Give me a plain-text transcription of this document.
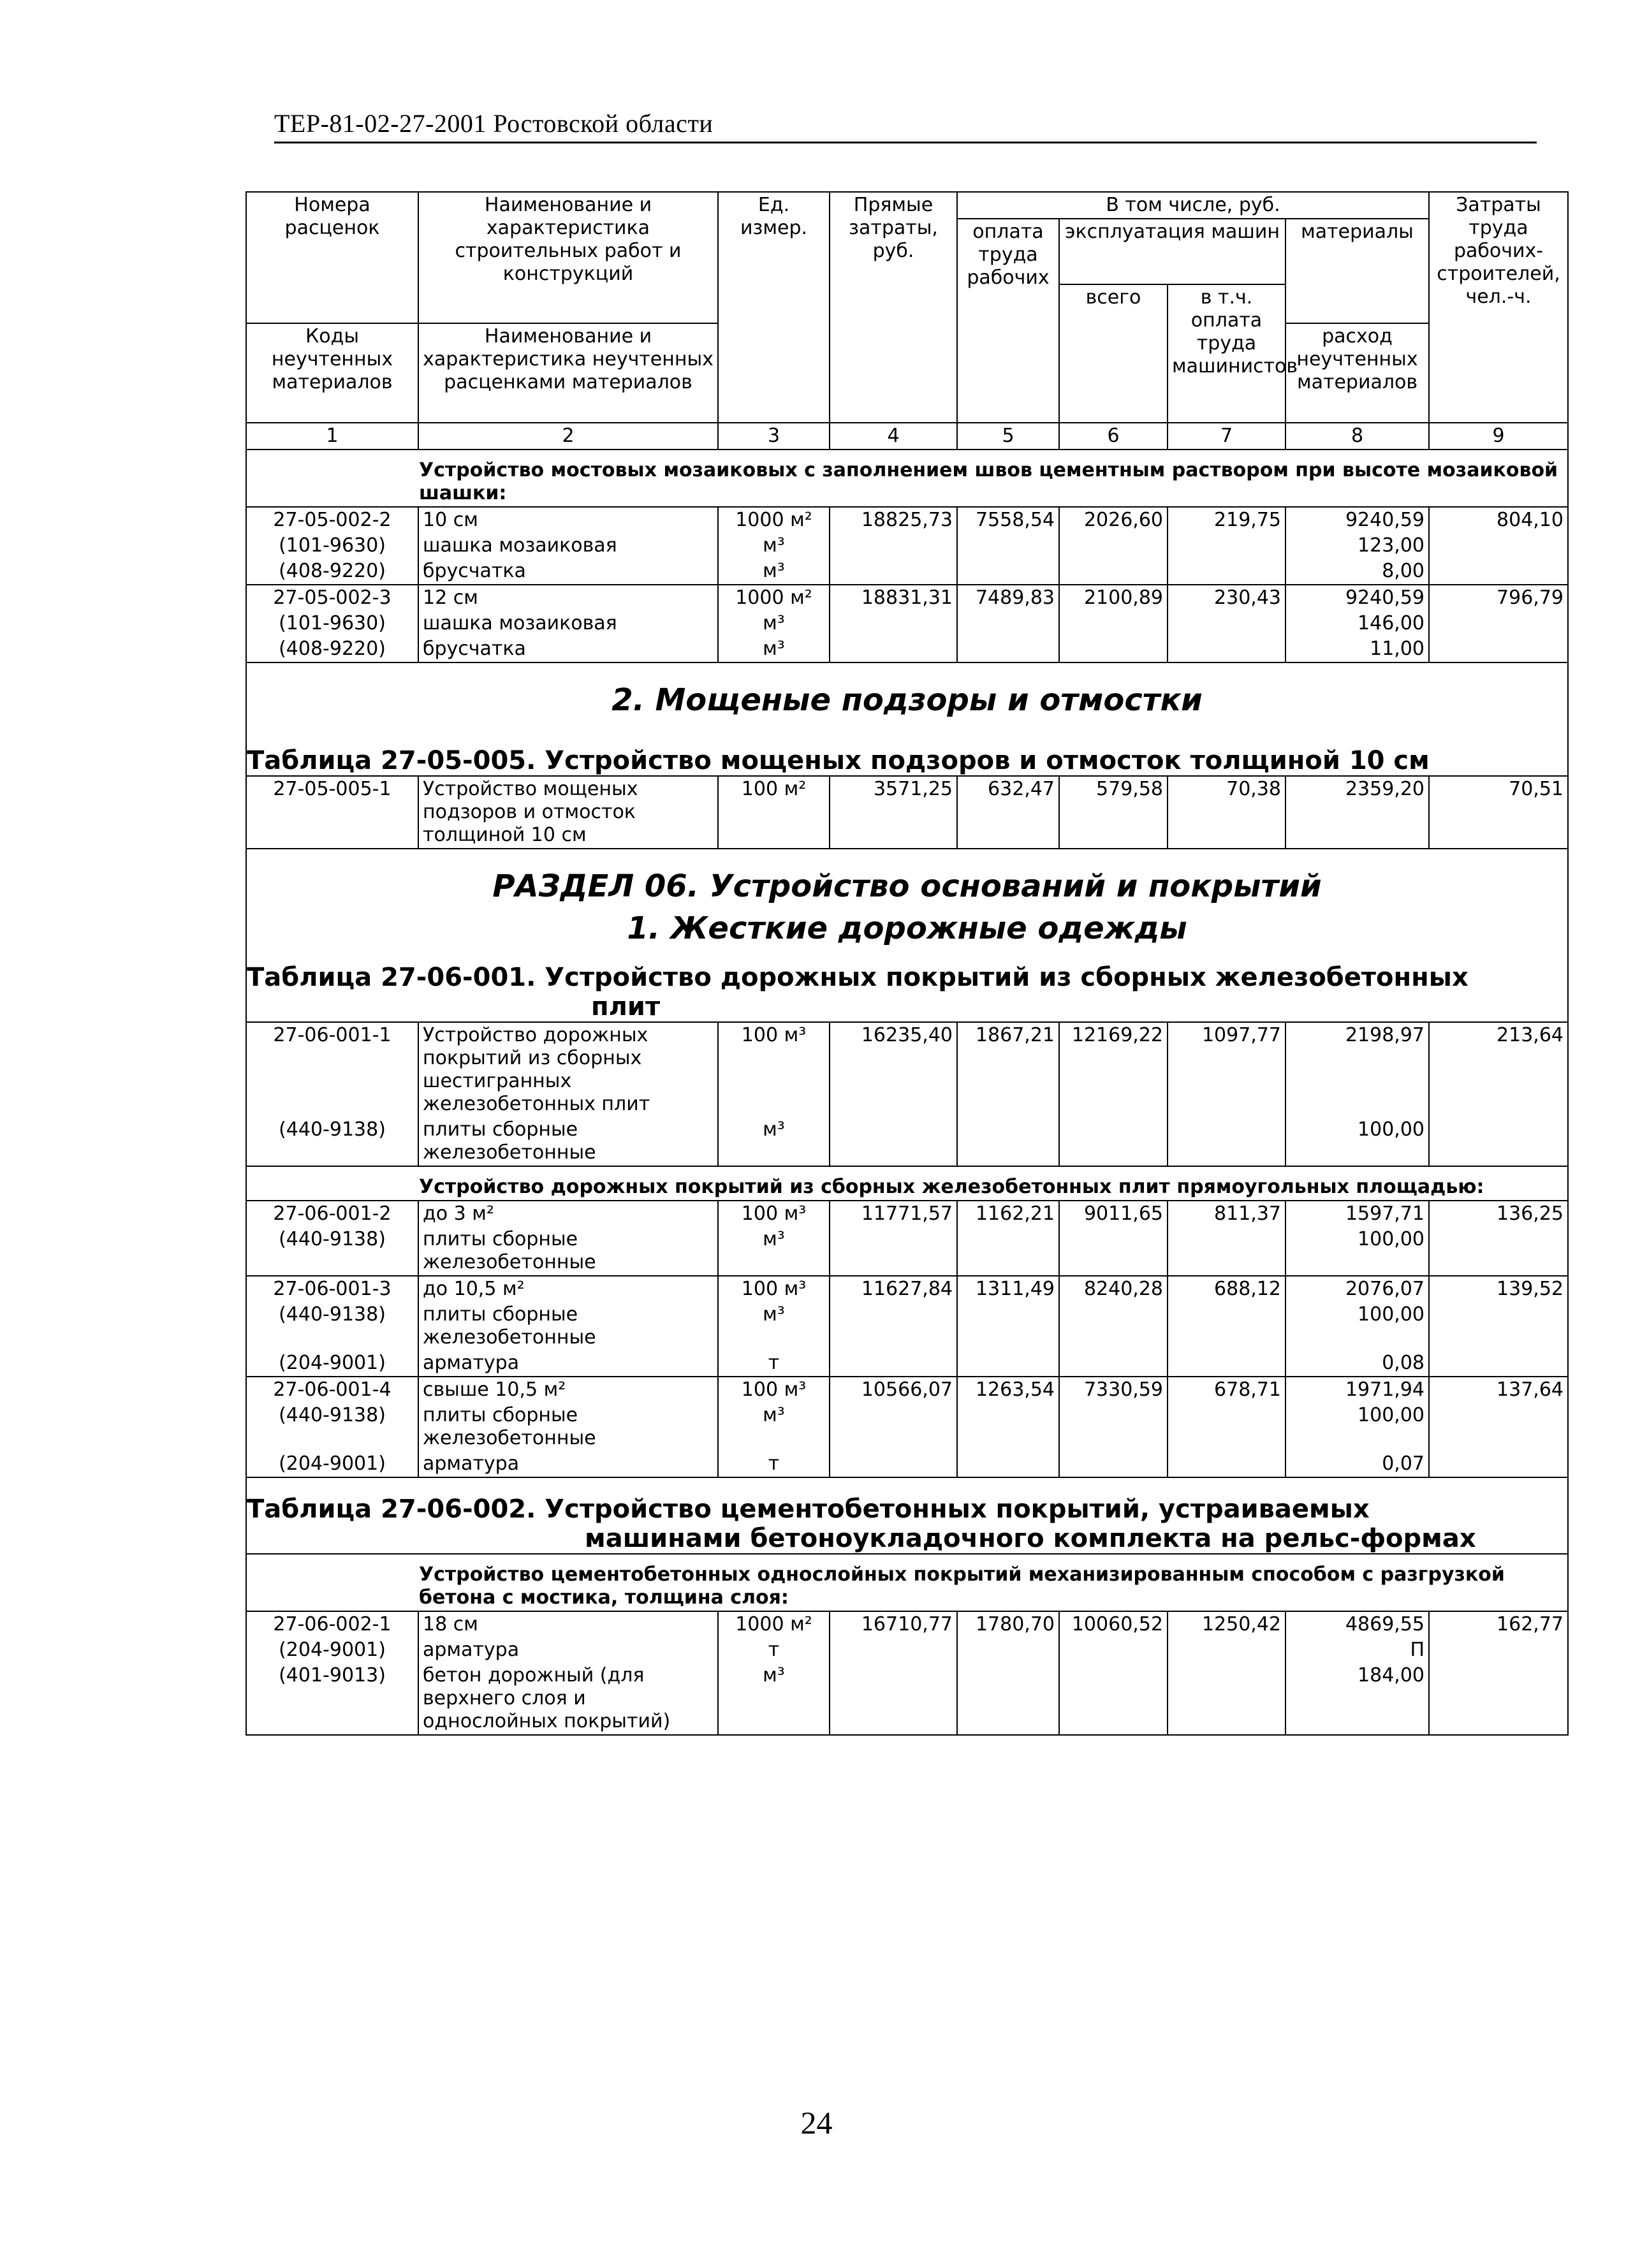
ТЕР-81-02-27-2001 Ростовской области
Номера расценок	Наименование и характеристика строительных работ и конструкций	Ед. измер.	Прямые затраты, руб.	В том числе, руб.				Затраты труда рабочих-строителей, чел.-ч.
				оплата труда рабочих	эксплуатация машин		материалы	
					всего	в т.ч. оплата труда машинистов		
Коды неучтенных материалов	Наименование и характеристика неучтенных расценками материалов						расход неучтенных материалов	

1	2	3	4	5	6	7	8	9
Устройство мостовых мозаиковых с заполнением швов цементным раствором при высоте мозаиковой шашки:								
27-05-002-2	10 см	1000 м²	18825,73	7558,54	2026,60	219,75	9240,59	804,10
(101-9630)	шашка мозаиковая	м³					123,00	
(408-9220)	брусчатка	м³					8,00	
27-05-002-3	12 см	1000 м²	18831,31	7489,83	2100,89	230,43	9240,59	796,79
(101-9630)	шашка мозаиковая	м³					146,00	
(408-9220)	брусчатка	м³					11,00	
2. Мощеные подзоры и отмостки								
Таблица 27-05-005. Устройство мощеных подзоров и отмосток толщиной 10 см								
27-05-005-1	Устройство мощеных подзоров и отмосток толщиной 10 см	100 м²	3571,25	632,47	579,58	70,38	2359,20	70,51
РАЗДЕЛ 06. Устройство оснований и покрытий								
1. Жесткие дорожные одежды								
Таблица 27-06-001. Устройство дорожных покрытий из сборных железобетонных
плит								

27-06-001-1	Устройство дорожных покрытий из сборных шестигранных железобетонных плит	100 м³	16235,40	1867,21	12169,22	1097,77	2198,97	213,64
(440-9138)	плиты сборные железобетонные	м³					100,00	
Устройство дорожных покрытий из сборных железобетонных плит прямоугольных площадью:								
27-06-001-2	до 3 м²	100 м³	11771,57	1162,21	9011,65	811,37	1597,71	136,25
(440-9138)	плиты сборные железобетонные	м³					100,00	
27-06-001-3	до 10,5 м²	100 м³	11627,84	1311,49	8240,28	688,12	2076,07	139,52
(440-9138)	плиты сборные железобетонные	м³					100,00	
(204-9001)	арматура	т					0,08	
27-06-001-4	свыше 10,5 м²	100 м³	10566,07	1263,54	7330,59	678,71	1971,94	137,64
(440-9138)	плиты сборные железобетонные	м³					100,00	
(204-9001)	арматура	т					0,07	
Таблица 27-06-002. Устройство цементобетонных покрытий, устраиваемых
машинами бетоноукладочного комплекта на рельс-формах								

Устройство цементобетонных однослойных покрытий механизированным способом с разгрузкой бетона с мостика, толщина слоя:								
27-06-002-1	18 см	1000 м²	16710,77	1780,70	10060,52	1250,42	4869,55	162,77
(204-9001)	арматура	т					П	
(401-9013)	бетон дорожный (для верхнего слоя и однослойных покрытий)	м³					184,00	
24
